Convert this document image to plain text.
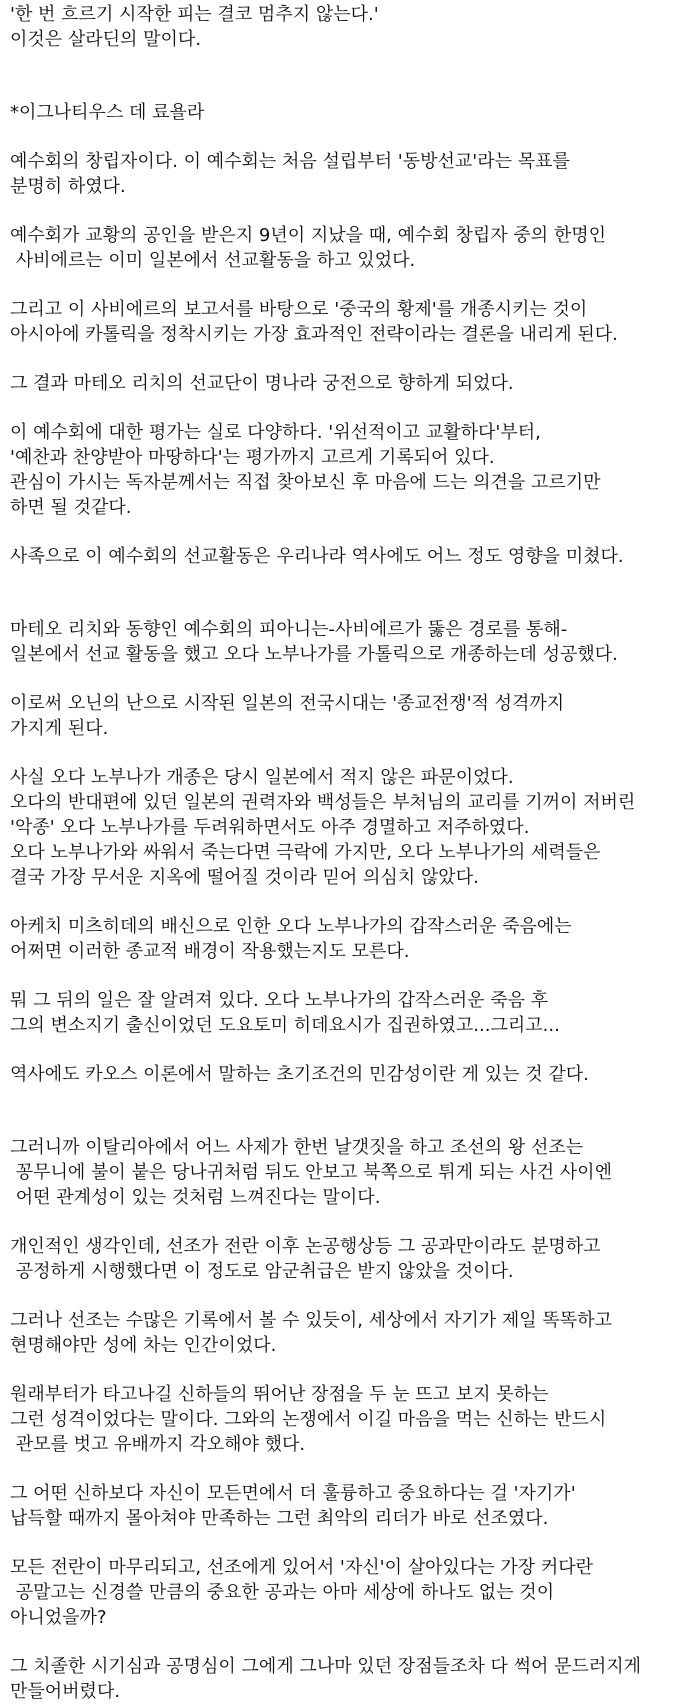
'한 번 흐르기 시작한 피는 결코 멈추지 않는다.'
이것은 살라딘의 말이다.

*이그나티우스 데 료욜라

예수회의 창립자이다. 이 예수회는 처음 설립부터 '동방선교'라는 목표를
분명히 하였다.

예수회가 교황의 공인을 받은지 9년이 지났을 때, 예수회 창립자 중의 한명인
사비에르는 이미 일본에서 선교활동을 하고 있었다.

그리고 이 사비에르의 보고서를 바탕으로 '중국의 황제'를 개종시키는 것이
아시아에 카톨릭을 정착시키는 가장 효과적인 전략이라는 결론을 내리게 된다.

그 결과 마테오 리치의 선교단이 명나라 궁전으로 향하게 되었다.

이 예수회에 대한 평가는 실로 다양하다. '위선적이고 교활하다'부터,
'예찬과 찬양받아 마땅하다'는 평가까지 고르게 기록되어 있다.
관심이 가시는 독자분께서는 직접 찾아보신 후 마음에 드는 의견을 고르기만
하면 될 것같다.

사족으로 이 예수회의 선교활동은 우리나라 역사에도 어느 정도 영향을 미쳤다.

마테오 리치와 동향인 예수회의 피아니는-사비에르가 뚫은 경로를 통해-
일본에서 선교 활동을 했고 오다 노부나가를 가톨릭으로 개종하는데 성공했다.

이로써 오닌의 난으로 시작된 일본의 전국시대는 '종교전쟁'적 성격까지
가지게 된다.

사실 오다 노부나가 개종은 당시 일본에서 적지 않은 파문이었다.
오다의 반대편에 있던 일본의 권력자와 백성들은 부처님의 교리를 기꺼이 저버린
'악종' 오다 노부나가를 두려워하면서도 아주 경멸하고 저주하였다.
오다 노부나가와 싸워서 죽는다면 극락에 가지만, 오다 노부나가의 세력들은
결국 가장 무서운 지옥에 떨어질 것이라 믿어 의심치 않았다.

아케치 미츠히데의 배신으로 인한 오다 노부나가의 갑작스러운 죽음에는
어쩌면 이러한 종교적 배경이 작용했는지도 모른다.

뭐 그 뒤의 일은 잘 알려져 있다. 오다 노부나가의 갑작스러운 죽음 후
그의 변소지기 출신이었던 도요토미 히데요시가 집권하였고...그리고...

역사에도 카오스 이론에서 말하는 초기조건의 민감성이란 게 있는 것 같다.

그러니까 이탈리아에서 어느 사제가 한번 날갯짓을 하고 조선의 왕 선조는
꽁무니에 불이 붙은 당나귀처럼 뒤도 안보고 북쪽으로 튀게 되는 사건 사이엔
어떤 관계성이 있는 것처럼 느껴진다는 말이다.

개인적인 생각인데, 선조가 전란 이후 논공행상등 그 공과만이라도 분명하고
공정하게 시행했다면 이 정도로 암군취급은 받지 않았을 것이다.

그러나 선조는 수많은 기록에서 볼 수 있듯이, 세상에서 자기가 제일 똑똑하고
현명해야만 성에 차는 인간이었다.

원래부터가 타고나길 신하들의 뛰어난 장점을 두 눈 뜨고 보지 못하는
그런 성격이었다는 말이다. 그와의 논쟁에서 이길 마음을 먹는 신하는 반드시
관모를 벗고 유배까지 각오해야 했다.

그 어떤 신하보다 자신이 모든면에서 더 훌륭하고 중요하다는 걸 '자기가'
납득할 때까지 몰아쳐야 만족하는 그런 최악의 리더가 바로 선조였다.

모든 전란이 마무리되고, 선조에게 있어서 '자신'이 살아있다는 가장 커다란
공말고는 신경쓸 만큼의 중요한 공과는 아마 세상에 하나도 없는 것이
아니었을까?

그 치졸한 시기심과 공명심이 그에게 그나마 있던 장점들조차 다 썩어 문드러지게
만들어버렸다.
